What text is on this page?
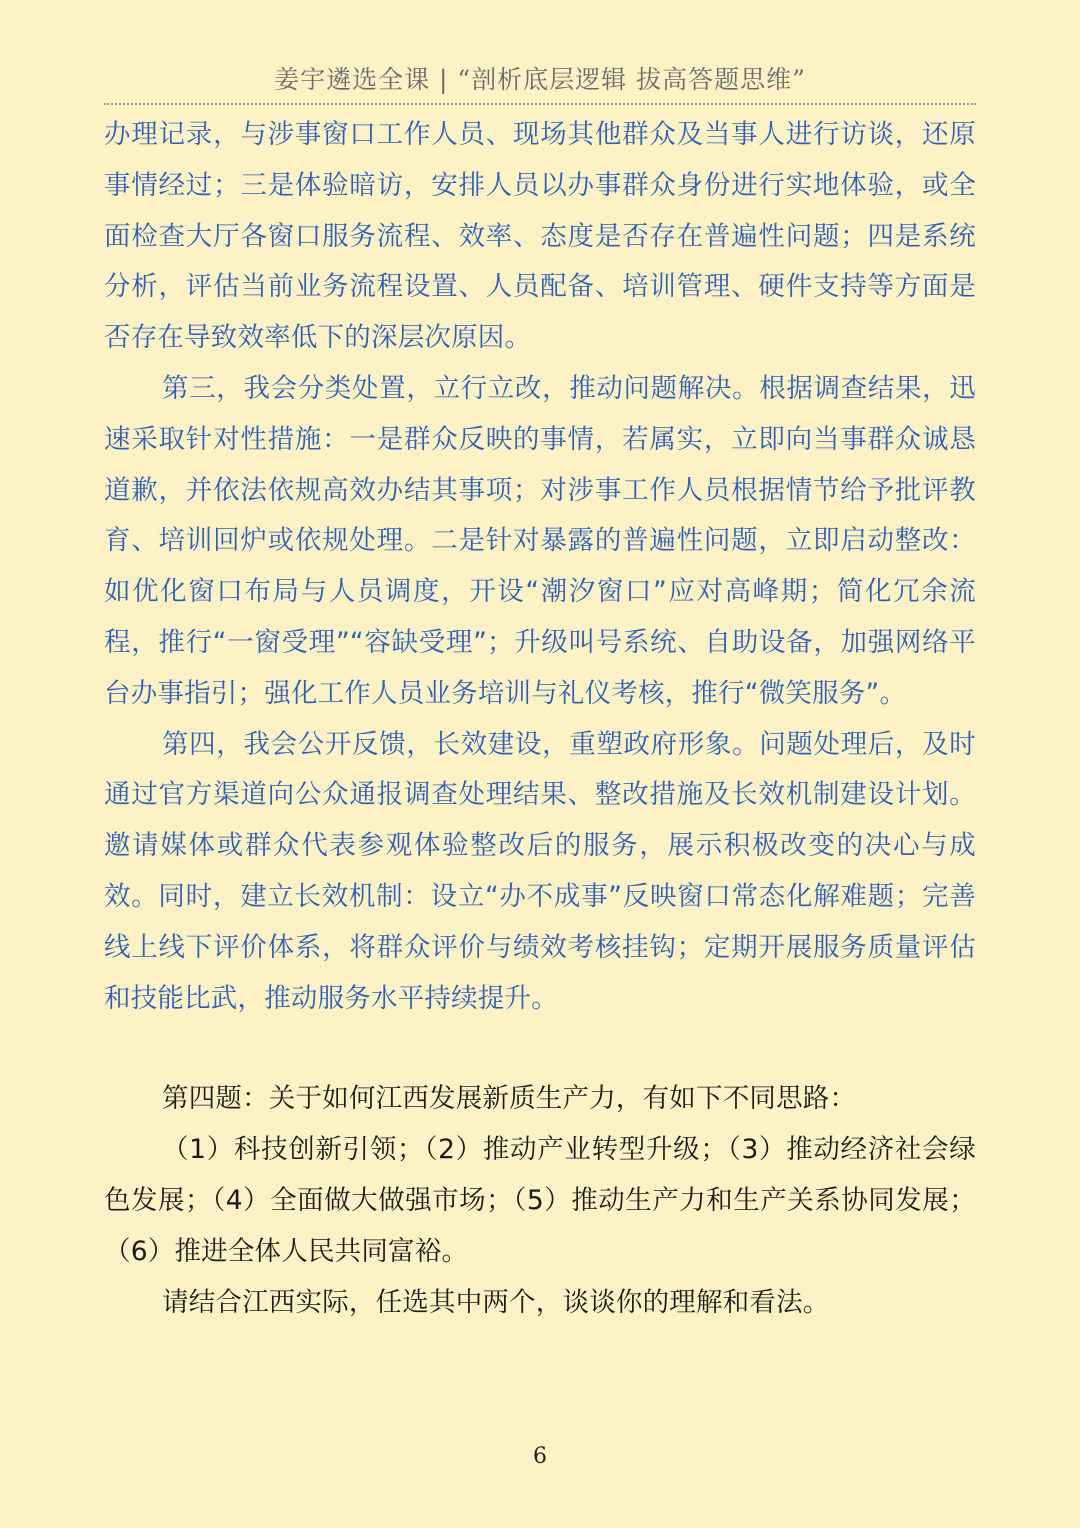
姜宇遴选全课 | “剖析底层逻辑 拔高答题思维”

办理记录，与涉事窗口工作人员、现场其他群众及当事人进行访谈，还原事情经过；三是体验暗访，安排人员以办事群众身份进行实地体验，或全面检查大厅各窗口服务流程、效率、态度是否存在普遍性问题；四是系统分析，评估当前业务流程设置、人员配备、培训管理、硬件支持等方面是否存在导致效率低下的深层次原因。

第三，我会分类处置，立行立改，推动问题解决。根据调查结果，迅速采取针对性措施：一是群众反映的事情，若属实，立即向当事群众诚恳道歉，并依法依规高效办结其事项；对涉事工作人员根据情节给予批评教育、培训回炉或依规处理。二是针对暴露的普遍性问题，立即启动整改：如优化窗口布局与人员调度，开设“潮汐窗口”应对高峰期；简化冗余流程，推行“一窗受理”“容缺受理”；升级叫号系统、自助设备，加强网络平台办事指引；强化工作人员业务培训与礼仪考核，推行“微笑服务”。

第四，我会公开反馈，长效建设，重塑政府形象。问题处理后，及时通过官方渠道向公众通报调查处理结果、整改措施及长效机制建设计划。邀请媒体或群众代表参观体验整改后的服务，展示积极改变的决心与成效。同时，建立长效机制：设立“办不成事”反映窗口常态化解难题；完善线上线下评价体系，将群众评价与绩效考核挂钩；定期开展服务质量评估和技能比武，推动服务水平持续提升。

第四题：关于如何江西发展新质生产力，有如下不同思路：

（1）科技创新引领；（2）推动产业转型升级；（3）推动经济社会绿色发展；（4）全面做大做强市场；（5）推动生产力和生产关系协同发展；（6）推进全体人民共同富裕。

请结合江西实际，任选其中两个，谈谈你的理解和看法。

6
